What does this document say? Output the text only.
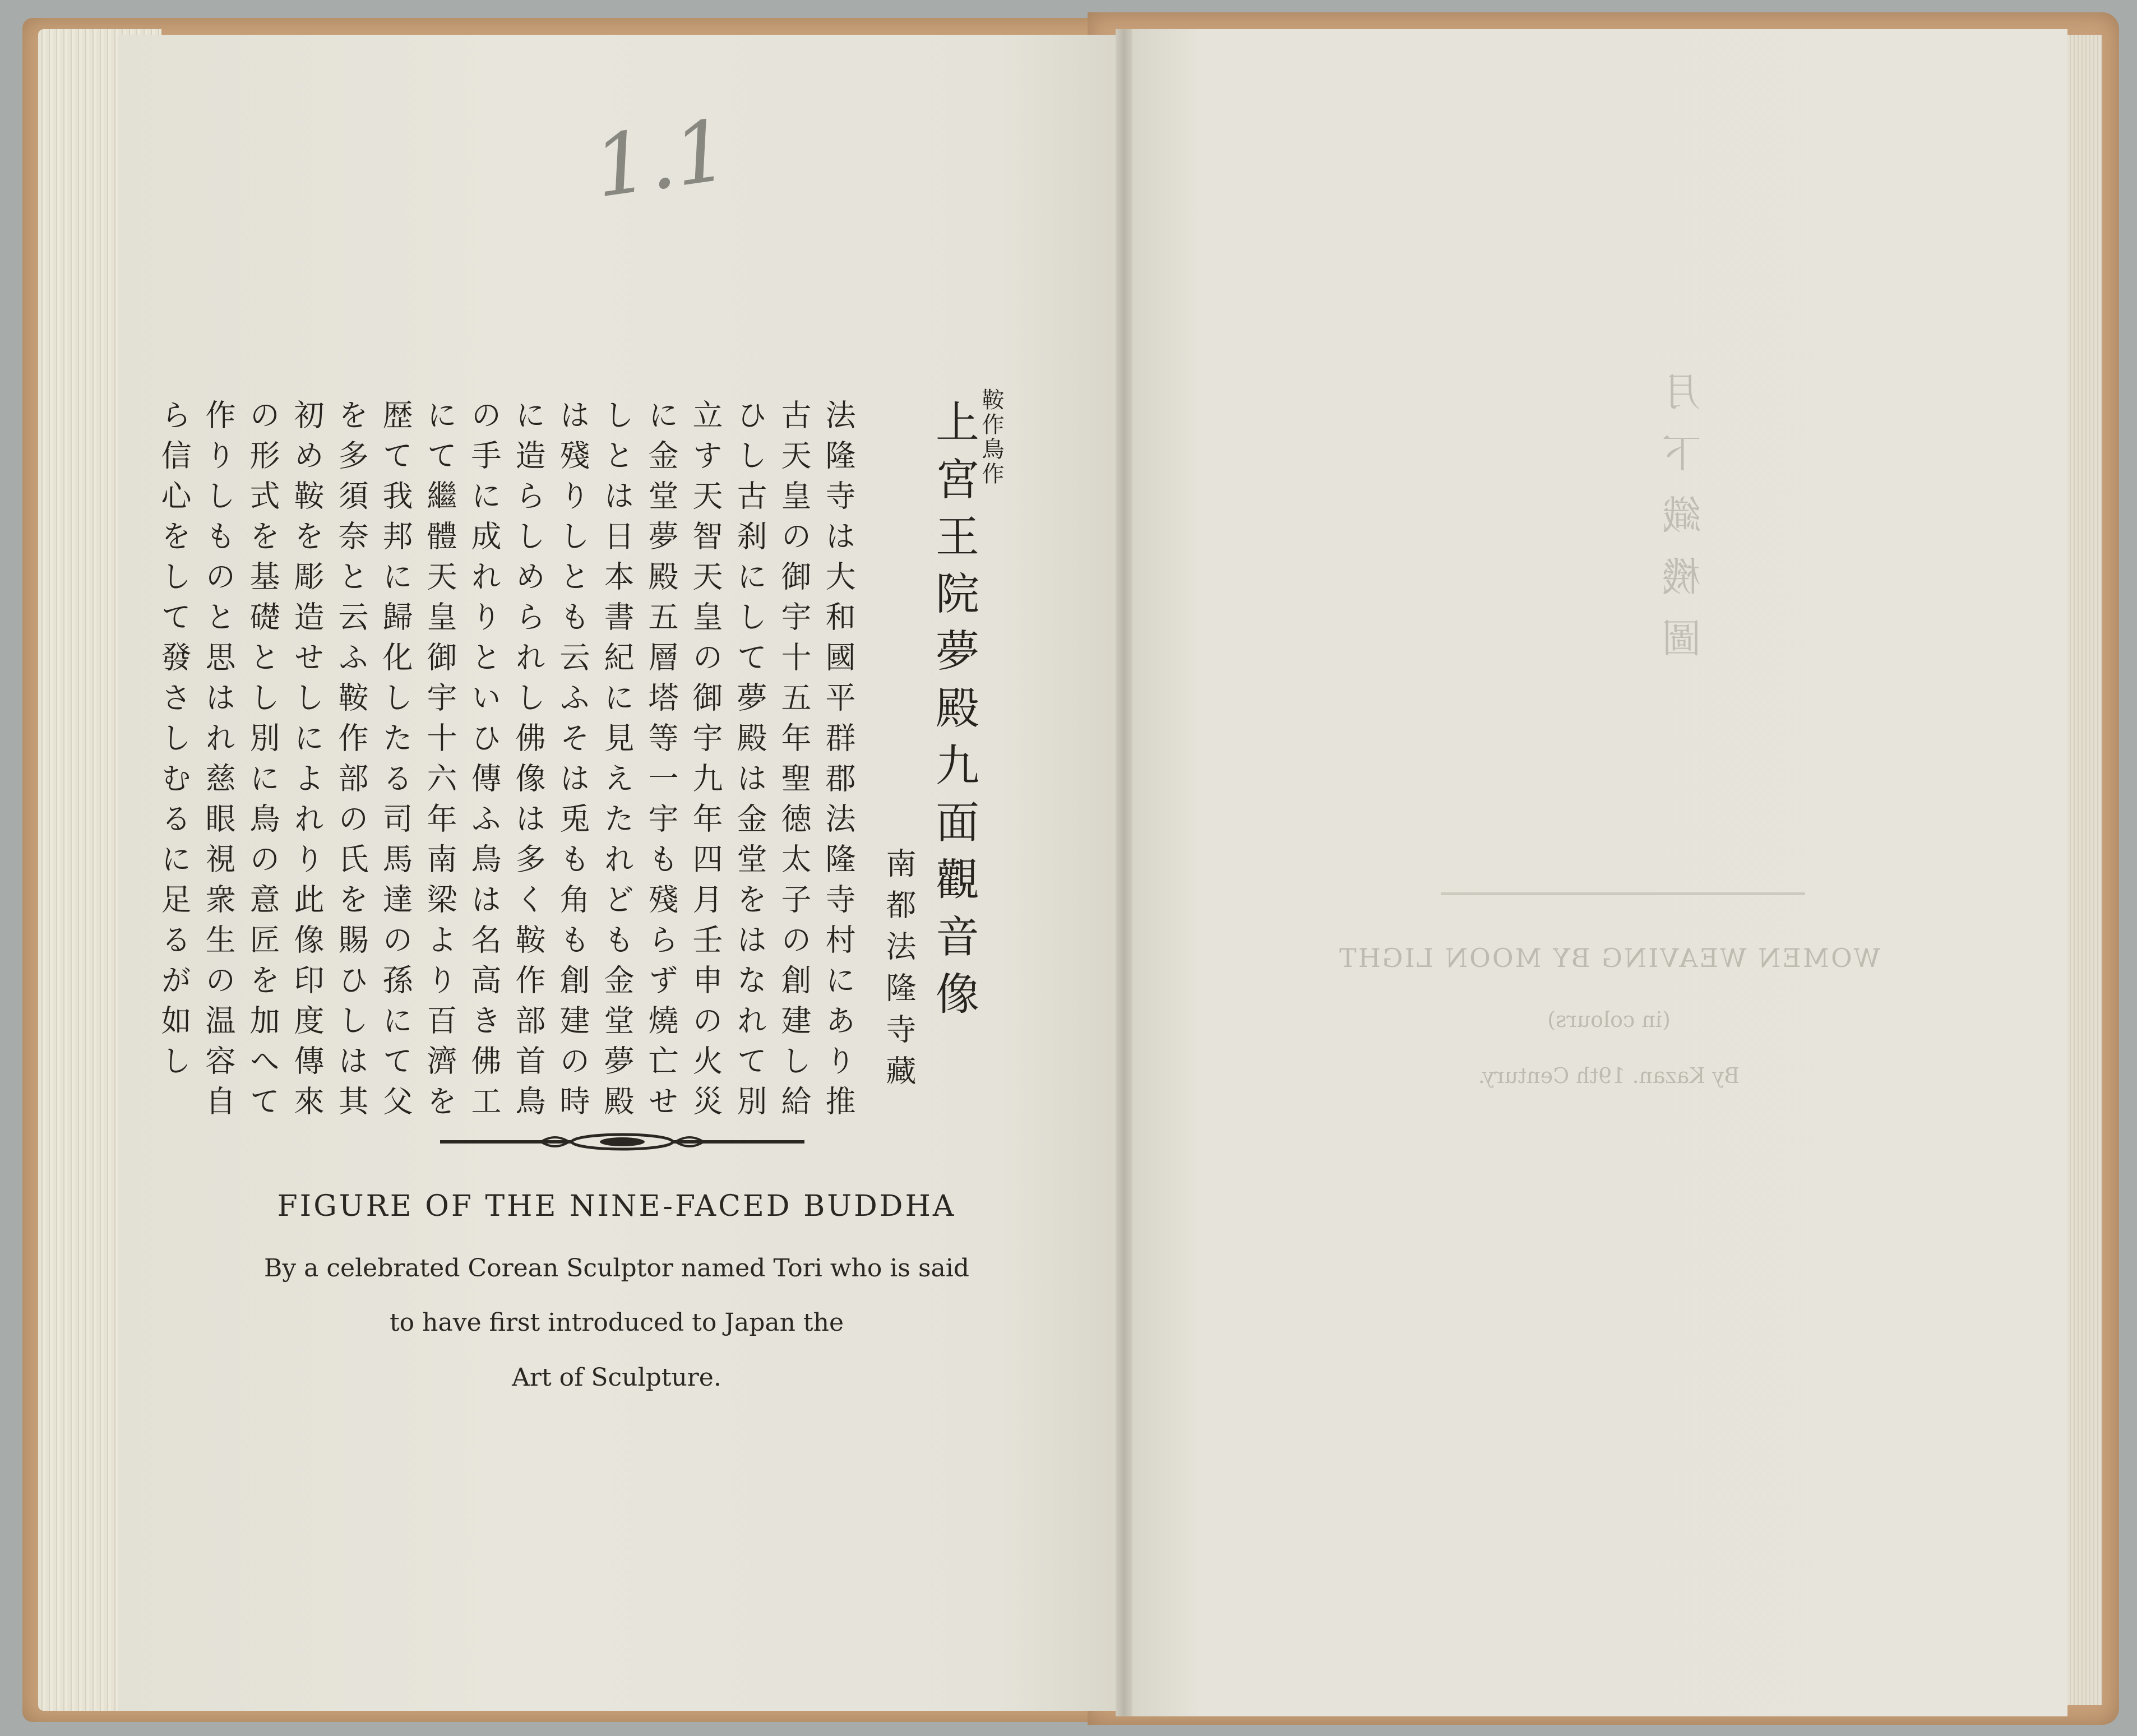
1.1
鞍作鳥作
上宮王院夢殿九面觀音像
南都法隆寺藏
法隆寺は大和國平群郡法隆寺村にあり推古天皇の御宇十五年聖徳太子の創建し給ひし古刹にして夢殿は金堂をはなれて別立す天智天皇の御宇九年四月壬申の火災に金堂夢殿五層塔等一宇も殘らず燒亡せしとは日本書紀に見えたれども金堂夢殿は殘りしとも云ふそは兎も角も創建の時に造らしめられし佛像は多く鞍作部首鳥の手に成れりといひ傳ふ鳥は名高き佛工にて繼體天皇御宇十六年南梁より百濟を歴て我邦に歸化したる司馬達の孫にて父を多須奈と云ふ鞍作部の氏を賜ひしは其初め鞍を彫造せしによれり此像印度傳來の形式を基礎とし別に鳥の意匠を加へて作りしものと思はれ慈眼視衆生の温容自ら信心をして發さしむるに足るが如し
FIGURE OF THE NINE-FACED BUDDHA
By a celebrated Corean Sculptor named Tori who is said
to have first introduced to Japan the
Art of Sculpture.
月下織機圖
WOMEN WEAVING BY MOON LIGHT
(in colours)
By Kazan. 19th Century.
